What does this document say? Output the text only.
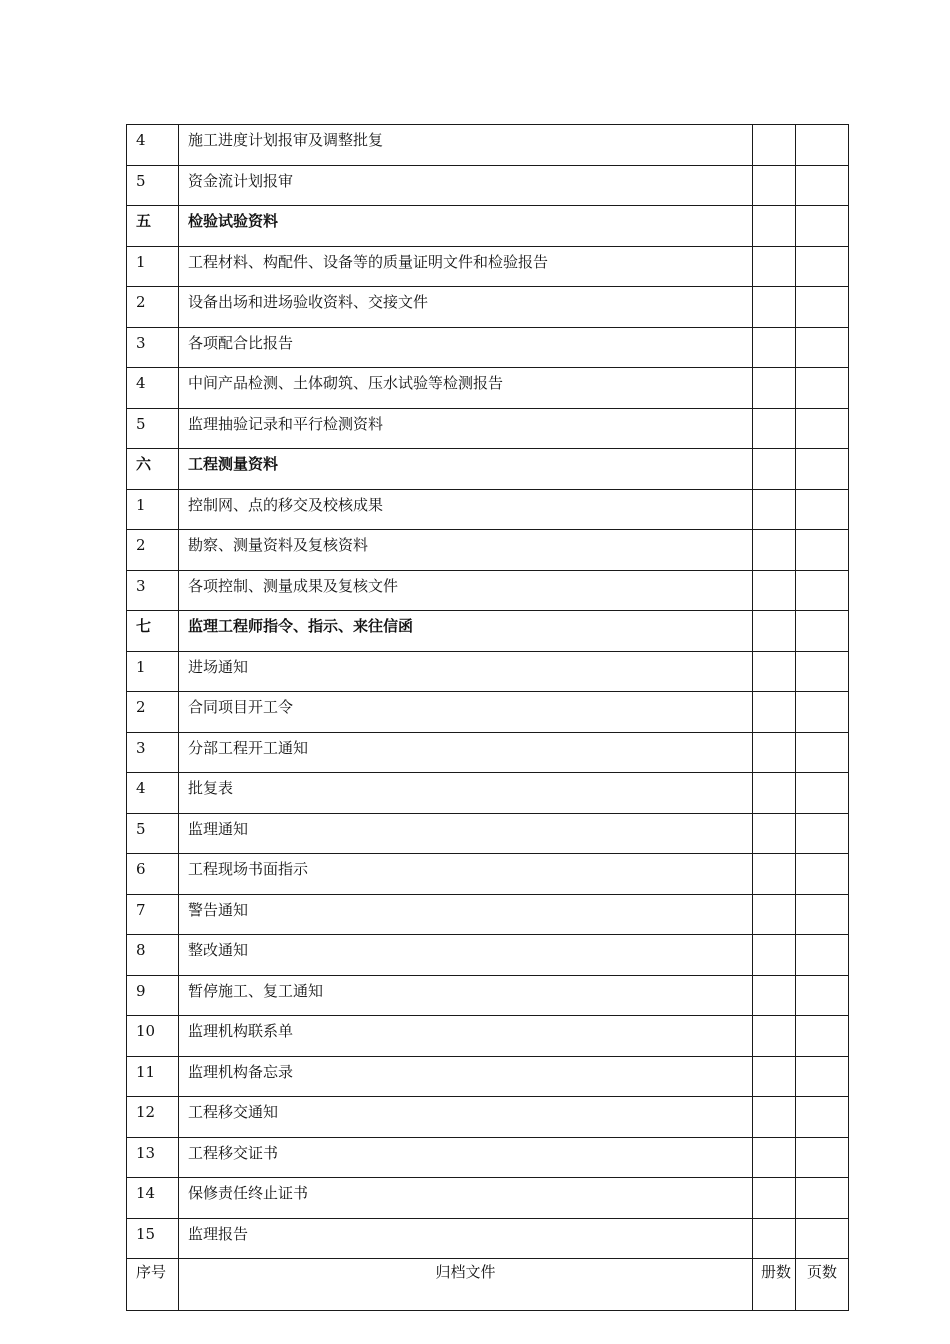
4	施工进度计划报审及调整批复		
5	资金流计划报审		
五	检验试验资料		
1	工程材料、构配件、设备等的质量证明文件和检验报告		
2	设备出场和进场验收资料、交接文件		
3	各项配合比报告		
4	中间产品检测、土体砌筑、压水试验等检测报告		
5	监理抽验记录和平行检测资料		
六	工程测量资料		
1	控制网、点的移交及校核成果		
2	勘察、测量资料及复核资料		
3	各项控制、测量成果及复核文件		
七	监理工程师指令、指示、来往信函		
1	进场通知		
2	合同项目开工令		
3	分部工程开工通知		
4	批复表		
5	监理通知		
6	工程现场书面指示		
7	警告通知		
8	整改通知		
9	暂停施工、复工通知		
10	监理机构联系单		
11	监理机构备忘录		
12	工程移交通知		
13	工程移交证书		
14	保修责任终止证书		
15	监理报告		
序号	归档文件	册数	页数
